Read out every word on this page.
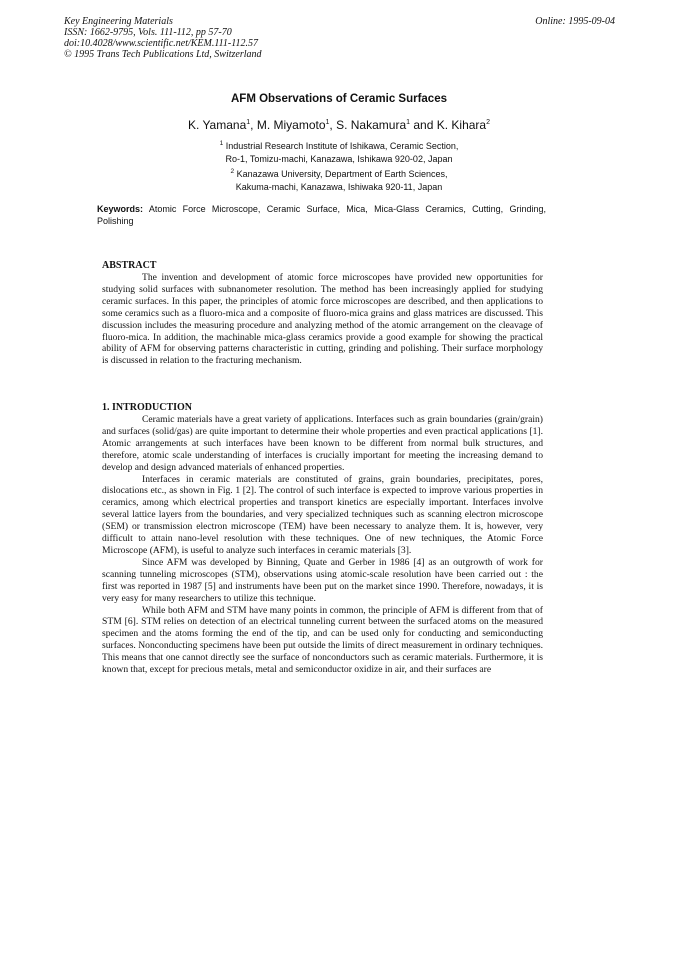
Key Engineering Materials
ISSN: 1662-9795, Vols. 111-112, pp 57-70
doi:10.4028/www.scientific.net/KEM.111-112.57
© 1995 Trans Tech Publications Ltd, Switzerland
Online: 1995-09-04
AFM Observations of Ceramic Surfaces
K. Yamana$^1$, M. Miyamoto$^1$, S. Nakamura$^1$ and K. Kihara$^2$
$^1$ Industrial Research Institute of Ishikawa, Ceramic Section,
Ro-1, Tomizu-machi, Kanazawa, Ishikawa 920-02, Japan
$^2$ Kanazawa University, Department of Earth Sciences,
Kakuma-machi, Kanazawa, Ishiwaka 920-11, Japan
Keywords: Atomic Force Microscope, Ceramic Surface, Mica, Mica-Glass Ceramics, Cutting, Grinding, Polishing
ABSTRACT

The invention and development of atomic force microscopes have provided new opportunities for studying solid surfaces with subnanometer resolution. The method has been increasingly applied for studying ceramic surfaces. In this paper, the principles of atomic force microscopes are described, and then applications to some ceramics such as a fluoro-mica and a composite of fluoro-mica grains and glass matrices are discussed. This discussion includes the measuring procedure and analyzing method of the atomic arrangement on the cleavage of fluoro-mica. In addition, the machinable mica-glass ceramics provide a good example for showing the practical ability of AFM for observing patterns characteristic in cutting, grinding and polishing. Their surface morphology is discussed in relation to the fracturing mechanism.

1. INTRODUCTION

Ceramic materials have a great variety of applications. Interfaces such as grain boundaries (grain/grain) and surfaces (solid/gas) are quite important to determine their whole properties and even practical applications [1]. Atomic arrangements at such interfaces have been known to be different from normal bulk structures, and therefore, atomic scale understanding of interfaces is crucially important for meeting the increasing demand to develop and design advanced materials of enhanced properties.

Interfaces in ceramic materials are constituted of grains, grain boundaries, precipitates, pores, dislocations etc., as shown in Fig. 1 [2]. The control of such interface is expected to improve various properties in ceramics, among which electrical properties and transport kinetics are especially important. Interfaces involve several lattice layers from the boundaries, and very specialized techniques such as scanning electron microscope (SEM) or transmission electron microscope (TEM) have been necessary to analyze them. It is, however, very difficult to attain nano-level resolution with these techniques. One of new techniques, the Atomic Force Microscope (AFM), is useful to analyze such interfaces in ceramic materials [3].

Since AFM was developed by Binning, Quate and Gerber in 1986 [4] as an outgrowth of work for scanning tunneling microscopes (STM), observations using atomic-scale resolution have been carried out : the first was reported in 1987 [5] and instruments have been put on the market since 1990. Therefore, nowadays, it is very easy for many researchers to utilize this technique.

While both AFM and STM have many points in common, the principle of AFM is different from that of STM [6]. STM relies on detection of an electrical tunneling current between the surfaced atoms on the measured specimen and the atoms forming the end of the tip, and can be used only for conducting and semiconducting surfaces. Nonconducting specimens have been put outside the limits of direct measurement in ordinary techniques. This means that one cannot directly see the surface of nonconductors such as ceramic materials. Furthermore, it is known that, except for precious metals, metal and semiconductor oxidize in air, and their surfaces are
